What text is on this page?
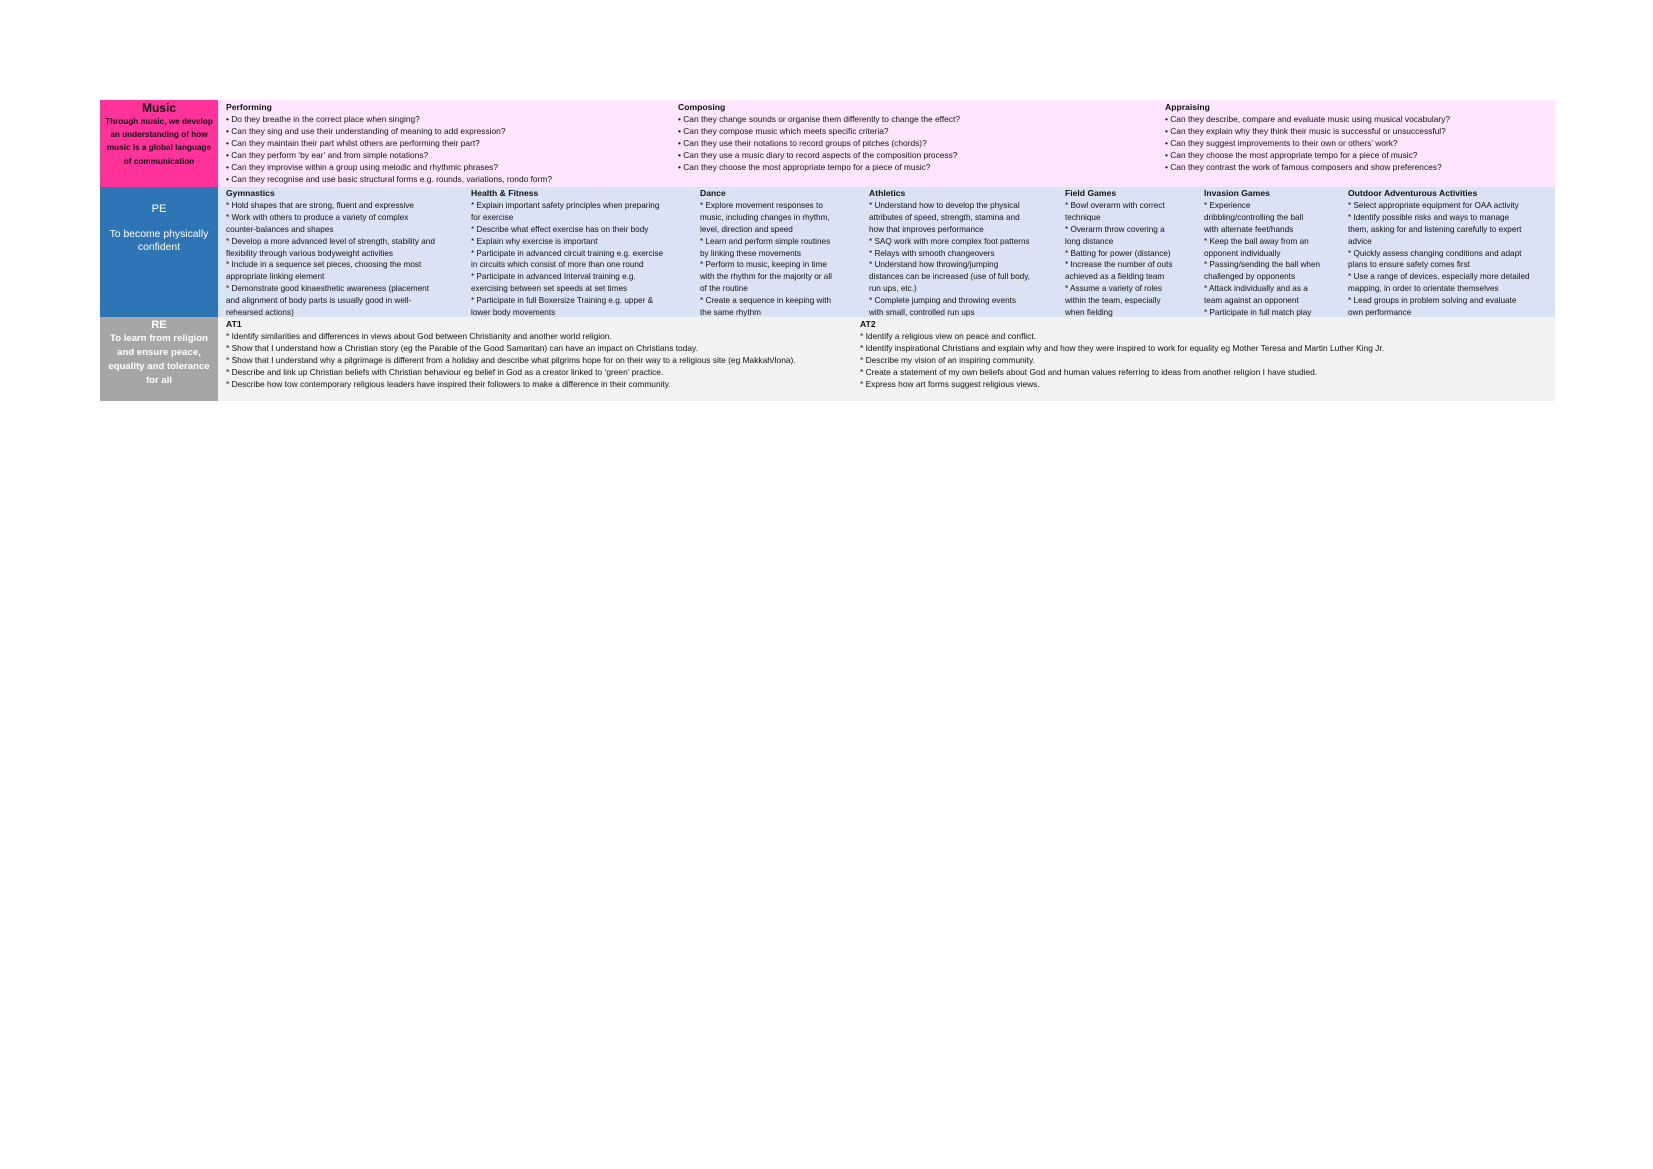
Music
Through music, we develop an understanding of how music is a global language of communication
Performing
• Do they breathe in the correct place when singing?
• Can they sing and use their understanding of meaning to add expression?
• Can they maintain their part whilst others are performing their part?
• Can they perform ‘by ear’ and from simple notations?
• Can they improvise within a group using melodic and rhythmic phrases?
• Can they recognise and use basic structural forms e.g. rounds, variations, rondo form?
Composing
• Can they change sounds or organise them differently to change the effect?
• Can they compose music which meets specific criteria?
• Can they use their notations to record groups of pitches (chords)?
• Can they use a music diary to record aspects of the composition process?
• Can they choose the most appropriate tempo for a piece of music?
Appraising
• Can they describe, compare and evaluate music using musical vocabulary?
• Can they explain why they think their music is successful or unsuccessful?
• Can they suggest improvements to their own or others’ work?
• Can they choose the most appropriate tempo for a piece of music?
• Can they contrast the work of famous composers and show preferences?
PE
To become physically confident
Gymnastics
* Hold shapes that are strong, fluent and expressive
* Work with others to produce a variety of complex
counter-balances and shapes
* Develop a more advanced level of strength, stability and
flexibility through various bodyweight activities
* Include in a sequence set pieces, choosing the most
appropriate linking element
* Demonstrate good kinaesthetic awareness (placement
and alignment of body parts is usually good in well-
rehearsed actions)
Health & Fitness
* Explain important safety principles when preparing
for exercise
* Describe what effect exercise has on their body
* Explain why exercise is important
* Participate in advanced circuit training e.g. exercise
in circuits which consist of more than one round
* Participate in advanced Interval training e.g.
exercising between set speeds at set times
* Participate in full Boxersize Training e.g. upper &
lower body movements
Dance
* Explore movement responses to
music, including changes in rhythm,
level, direction and speed
* Learn and perform simple routines
by linking these movements
* Perform to music, keeping in time
with the rhythm for the majority or all
of the routine
* Create a sequence in keeping with
the same rhythm
Athletics
* Understand how to develop the physical
attributes of speed, strength, stamina and
how that improves performance
* SAQ work with more complex foot patterns
* Relays with smooth changeovers
* Understand how throwing/jumping
distances can be increased (use of full body,
run ups, etc.)
* Complete jumping and throwing events
with small, controlled run ups
Field Games
* Bowl overarm with correct
technique
* Overarm throw covering a
long distance
* Batting for power (distance)
* Increase the number of outs
achieved as a fielding team
* Assume a variety of roles
within the team, especially
when fielding
Invasion Games
* Experience
dribbling/controlling the ball
with alternate feet/hands
* Keep the ball away from an
opponent individually
* Passing/sending the ball when
challenged by opponents
* Attack individually and as a
team against an opponent
* Participate in full match play
Outdoor Adventurous Activities
* Select appropriate equipment for OAA activity
* Identify possible risks and ways to manage
them, asking for and listening carefully to expert
advice
* Quickly assess changing conditions and adapt
plans to ensure safety comes first
* Use a range of devices, especially more detailed
mapping, in order to orientate themselves
* Lead groups in problem solving and evaluate
own performance
RE
To learn from religion and ensure peace, equality and tolerance for all
AT1
* Identify similarities and differences in views about God between Christianity and another world religion.
* Show that I understand how a Christian story (eg the Parable of the Good Samaritan) can have an impact on Christians today.
* Show that I understand why a pilgrimage is different from a holiday and describe what pilgrims hope for on their way to a religious site (eg Makkah/Iona).
* Describe and link up Christian beliefs with Christian behaviour eg belief in God as a creator linked to ‘green’ practice.
* Describe how tow contemporary religious leaders have inspired their followers to make a difference in their community.
AT2
* Identify a religious view on peace and conflict.
* Identify inspirational Christians and explain why and how they were inspired to work for equality eg Mother Teresa and Martin Luther King Jr.
* Describe my vision of an inspiring community.
* Create a statement of my own beliefs about God and human values referring to ideas from another religion I have studied.
* Express how art forms suggest religious views.
